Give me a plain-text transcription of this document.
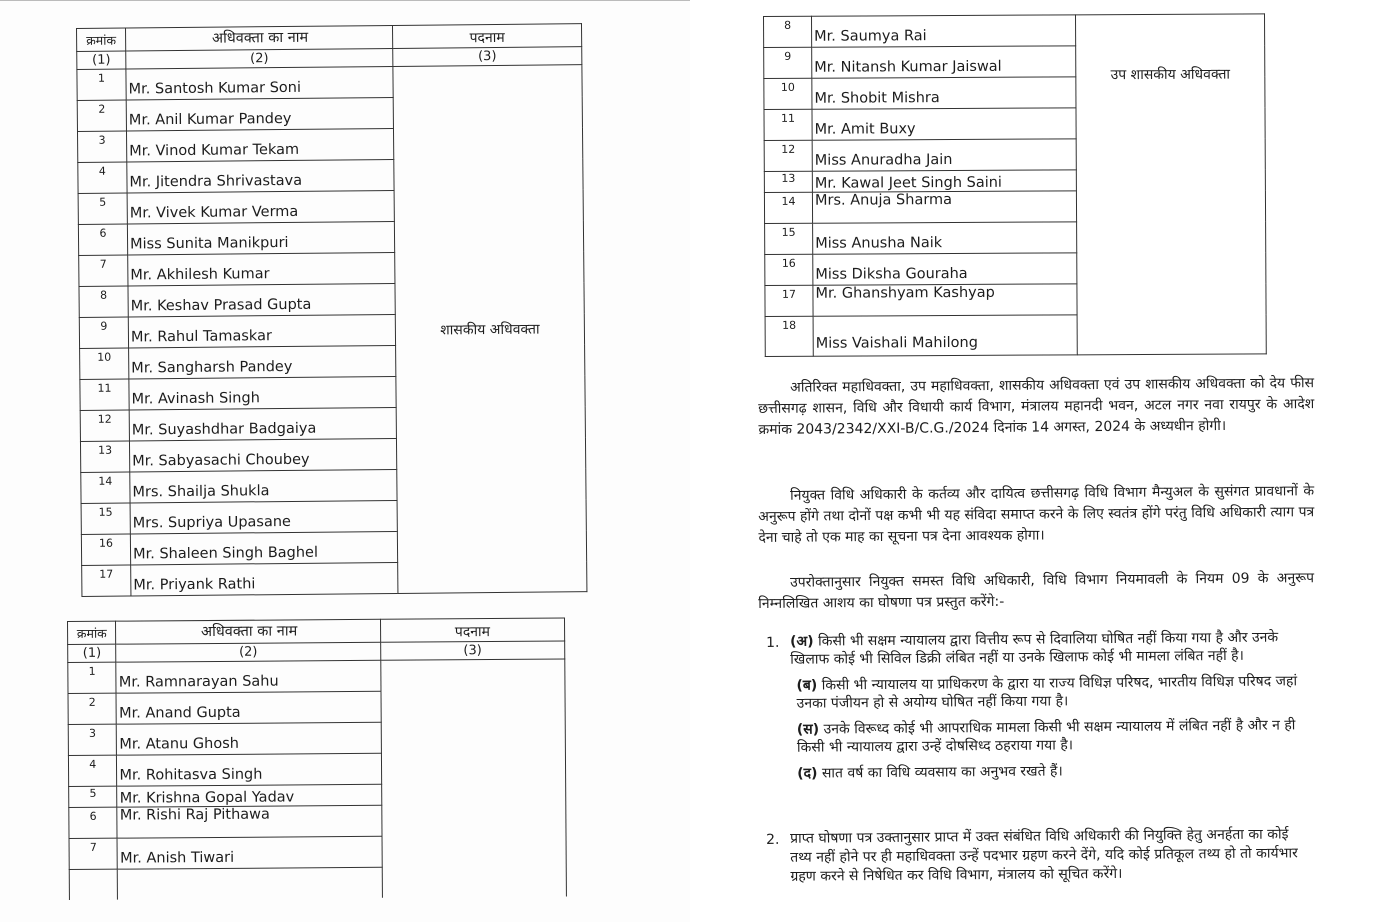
क्रमांक	अधिवक्ता का नाम	पदनाम
(1)	(2)	(3)
1	Mr. Santosh Kumar Soni	शासकीय अधिवक्ता
2	Mr. Anil Kumar Pandey	
3	Mr. Vinod Kumar Tekam	
4	Mr. Jitendra Shrivastava	
5	Mr. Vivek Kumar Verma	
6	Miss Sunita Manikpuri	
7	Mr. Akhilesh Kumar	
8	Mr. Keshav Prasad Gupta	
9	Mr. Rahul Tamaskar	
10	Mr. Sangharsh Pandey	
11	Mr. Avinash Singh	
12	Mr. Suyashdhar Badgaiya	
13	Mr. Sabyasachi Choubey	
14	Mrs. Shailja Shukla	
15	Mrs. Supriya Upasane	
16	Mr. Shaleen Singh Baghel	
17	Mr. Priyank Rathi	
क्रमांक	अधिवक्ता का नाम	पदनाम
(1)	(2)	(3)
1	Mr. Ramnarayan Sahu	
2	Mr. Anand Gupta	
3	Mr. Atanu Ghosh	
4	Mr. Rohitasva Singh	
5	Mr. Krishna Gopal Yadav	
6	Mr. Rishi Raj Pithawa	
7	Mr. Anish Tiwari	

8	Mr. Saumya Rai	उप शासकीय अधिवक्ता
9	Mr. Nitansh Kumar Jaiswal	
10	Mr. Shobit Mishra	
11	Mr. Amit Buxy	
12	Miss Anuradha Jain	
13	Mr. Kawal Jeet Singh Saini	
14	Mrs. Anuja Sharma	
15	Miss Anusha Naik	
16	Miss Diksha Gouraha	
17	Mr. Ghanshyam Kashyap	
18	Miss Vaishali Mahilong	

अतिरिक्त महाधिवक्ता, उप महाधिवक्ता, शासकीय अधिवक्ता एवं उप शासकीय अधिवक्ता को देय फीस छत्तीसगढ़ शासन, विधि और विधायी कार्य विभाग, मंत्रालय महानदी भवन, अटल नगर नवा रायपुर के आदेश क्रमांक 2043/2342/XXI-B/C.G./2024 दिनांक 14 अगस्त, 2024 के अध्यधीन होगी।

नियुक्त विधि अधिकारी के कर्तव्य और दायित्व छत्तीसगढ़ विधि विभाग मैन्युअल के सुसंगत प्रावधानों के अनुरूप होंगे तथा दोनों पक्ष कभी भी यह संविदा समाप्त करने के लिए स्वतंत्र होंगे परंतु विधि अधिकारी त्याग पत्र देना चाहे तो एक माह का सूचना पत्र देना आवश्यक होगा।

उपरोक्तानुसार नियुक्त समस्त विधि अधिकारी, विधि विभाग नियमावली के नियम 09 के अनुरूप निम्नलिखित आशय का घोषणा पत्र प्रस्तुत करेंगे:-

1. (अ) किसी भी सक्षम न्यायालय द्वारा वित्तीय रूप से दिवालिया घोषित नहीं किया गया है और उनके खिलाफ कोई भी सिविल डिक्री लंबित नहीं या उनके खिलाफ कोई भी मामला लंबित नहीं है।

(ब) किसी भी न्यायालय या प्राधिकरण के द्वारा या राज्य विधिज्ञ परिषद, भारतीय विधिज्ञ परिषद जहां उनका पंजीयन हो से अयोग्य घोषित नहीं किया गया है।

(स) उनके विरूध्द कोई भी आपराधिक मामला किसी भी सक्षम न्यायालय में लंबित नहीं है और न ही किसी भी न्यायालय द्वारा उन्हें दोषसिध्द ठहराया गया है।

(द) सात वर्ष का विधि व्यवसाय का अनुभव रखते हैं।

2. प्राप्त घोषणा पत्र उक्तानुसार प्राप्त में उक्त संबंधित विधि अधिकारी की नियुक्ति हेतु अनर्हता का कोई तथ्य नहीं होने पर ही महाधिवक्ता उन्हें पदभार ग्रहण करने देंगे, यदि कोई प्रतिकूल तथ्य हो तो कार्यभार ग्रहण करने से निषेधित कर विधि विभाग, मंत्रालय को सूचित करेंगे।
